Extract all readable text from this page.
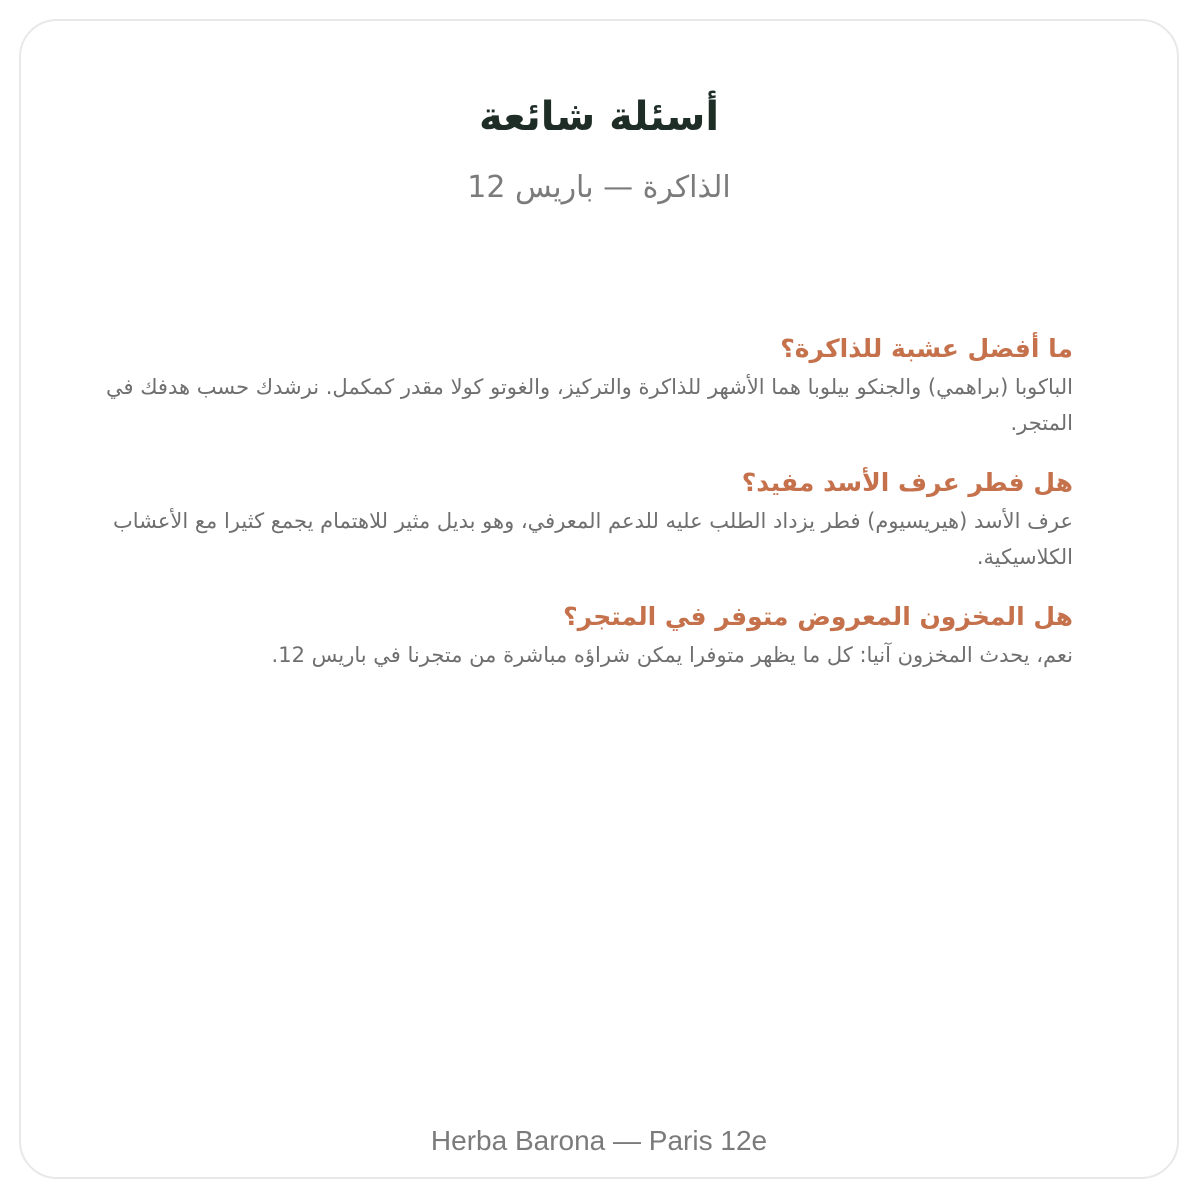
أسئلة شائعة
الذاكرة — باريس 12

ما أفضل عشبة للذاكرة؟

الباكوبا (براهمي) والجنكو بيلوبا هما الأشهر للذاكرة والتركيز، والغوتو كولا مقدر كمكمل. نرشدك حسب هدفك في المتجر.

هل فطر عرف الأسد مفيد؟

عرف الأسد (هيريسيوم) فطر يزداد الطلب عليه للدعم المعرفي، وهو بديل مثير للاهتمام يجمع كثيرا مع الأعشاب الكلاسيكية.

هل المخزون المعروض متوفر في المتجر؟

نعم، يحدث المخزون آنيا: كل ما يظهر متوفرا يمكن شراؤه مباشرة من متجرنا في باريس 12.

Herba Barona — Paris 12e
